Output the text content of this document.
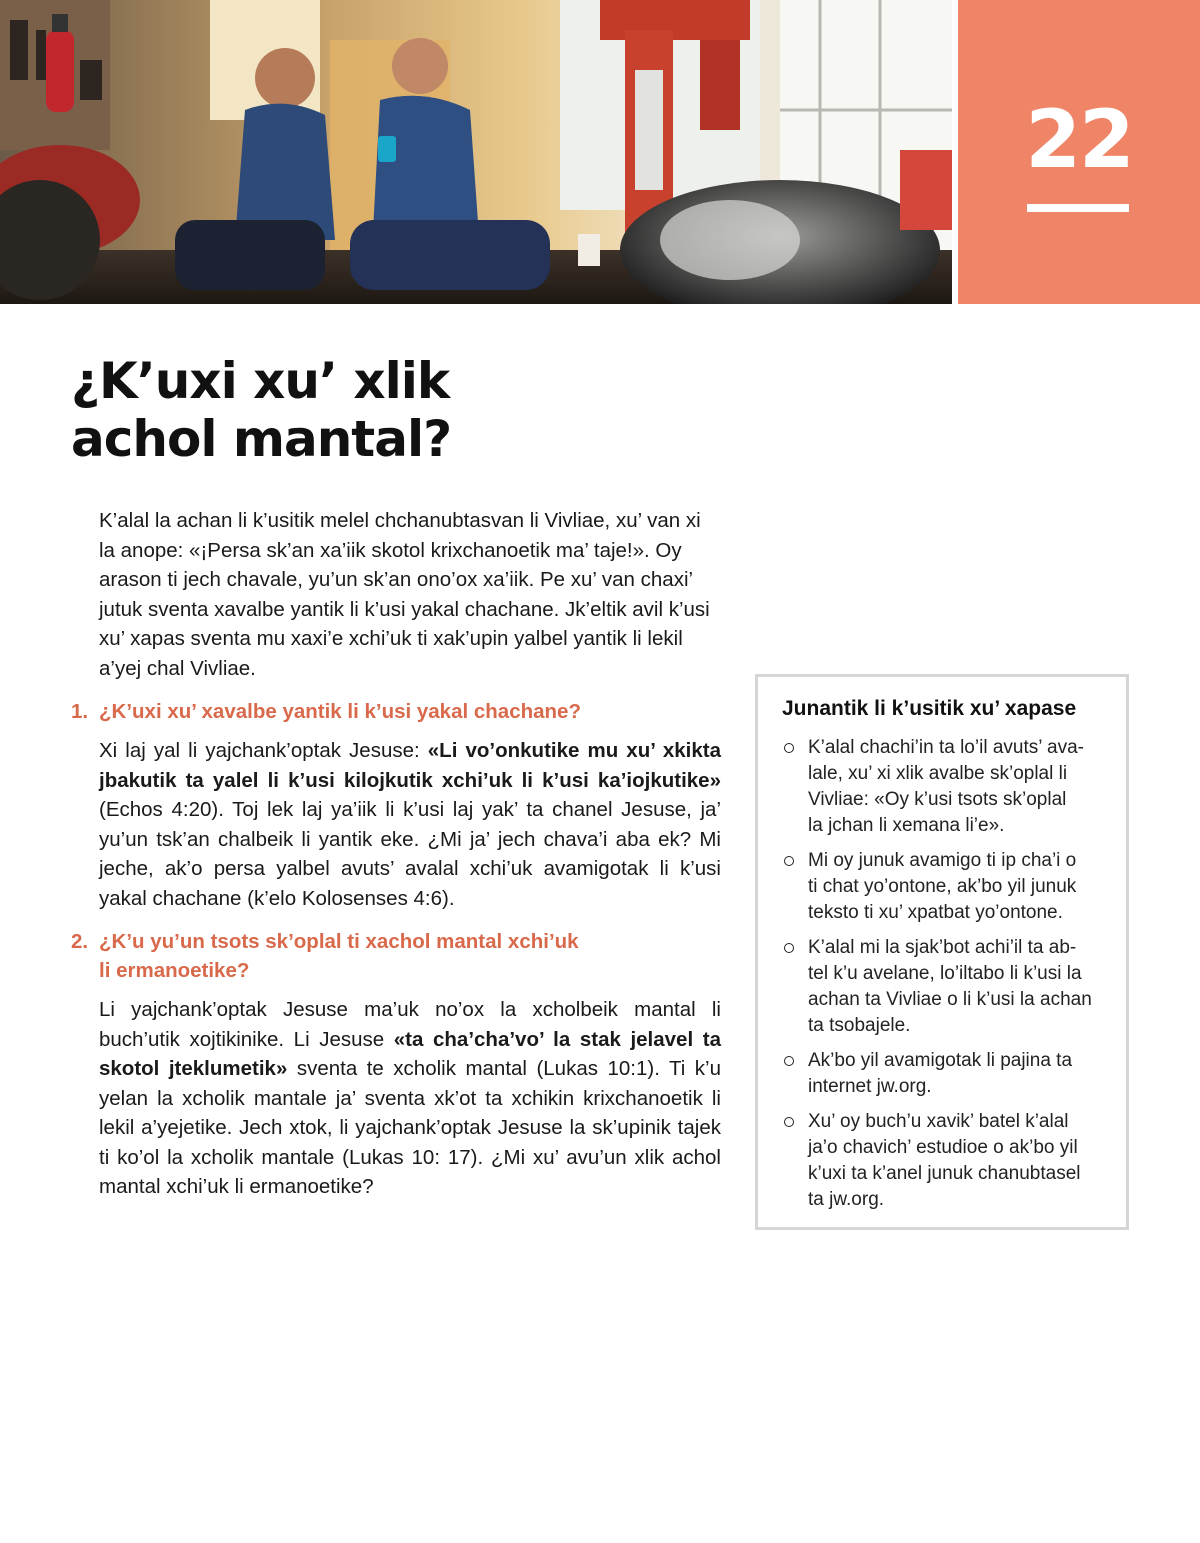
22
¿K’uxi xu’ xlik
achol mantal?

K’alal la achan li k’usitik melel chchanubtasvan li Vivliae, xu’ van xi la anope: «¡Persa sk’an xa’iik skotol krixchanoetik ma’ taje!». Oy arason ti jech chavale, yu’un sk’an ono’ox xa’iik. Pe xu’ van chaxi’ jutuk sventa xavalbe yantik li k’usi yakal chachane. Jk’eltik avil k’usi xu’ xapas sventa mu xaxi’e xchi’uk ti xak’upin yalbel yantik li lekil a’yej chal Vivliae.

1. ¿K’uxi xu’ xavalbe yantik li k’usi yakal chachane?

Xi laj yal li yajchank’optak Jesuse: «Li vo’onkutike mu xu’ xkikta jbakutik ta yalel li k’usi kilojkutik xchi’uk li k’usi ka’iojkutike» (Echos 4:20). Toj lek laj ya’iik li k’usi laj yak’ ta chanel Jesuse, ja’ yu’un tsk’an chalbeik li yantik eke. ¿Mi ja’ jech chava’i aba ek? Mi jeche, ak’o persa yalbel avuts’ avalal xchi’uk avamigotak li k’usi yakal chachane (k’elo Kolosenses 4:6).

2. ¿K’u yu’un tsots sk’oplal ti xachol mantal xchi’uk
li ermanoetike?

Li yajchank’optak Jesuse ma’uk no’ox la xcholbeik mantal li buch’utik xojtikinike. Li Jesuse «ta cha’cha’vo’ la stak jelavel ta skotol jteklumetik» sventa te xcholik mantal (Lukas 10:1). Ti k’u yelan la xcholik mantale ja’ sventa xk’ot ta xchikin krixchanoetik li lekil a’yejetike. Jech xtok, li yajchank’optak Jesuse la sk’upinik tajek ti ko’ol la xcholik mantale (Lukas 10: 17). ¿Mi xu’ avu’un xlik achol mantal xchi’uk li ermanoetike?

Junantik li k’usitik xu’ xapase

K’alal chachi’in ta lo’il avuts’ ava-
lale, xu’ xi xlik avalbe sk’oplal li
Vivliae: «Oy k’usi tsots sk’oplal
la jchan li xemana li’e».
Mi oy junuk avamigo ti ip cha’i o
ti chat yo’ontone, ak’bo yil junuk
teksto ti xu’ xpatbat yo’ontone.
K’alal mi la sjak’bot achi’il ta ab-
tel k’u avelane, lo’iltabo li k’usi la
achan ta Vivliae o li k’usi la achan
ta tsobajele.
Ak’bo yil avamigotak li pajina ta
internet jw.org.
Xu’ oy buch’u xavik’ batel k’alal
ja’o chavich’ estudioe o ak’bo yil
k’uxi ta k’anel junuk chanubtasel
ta jw.org.
